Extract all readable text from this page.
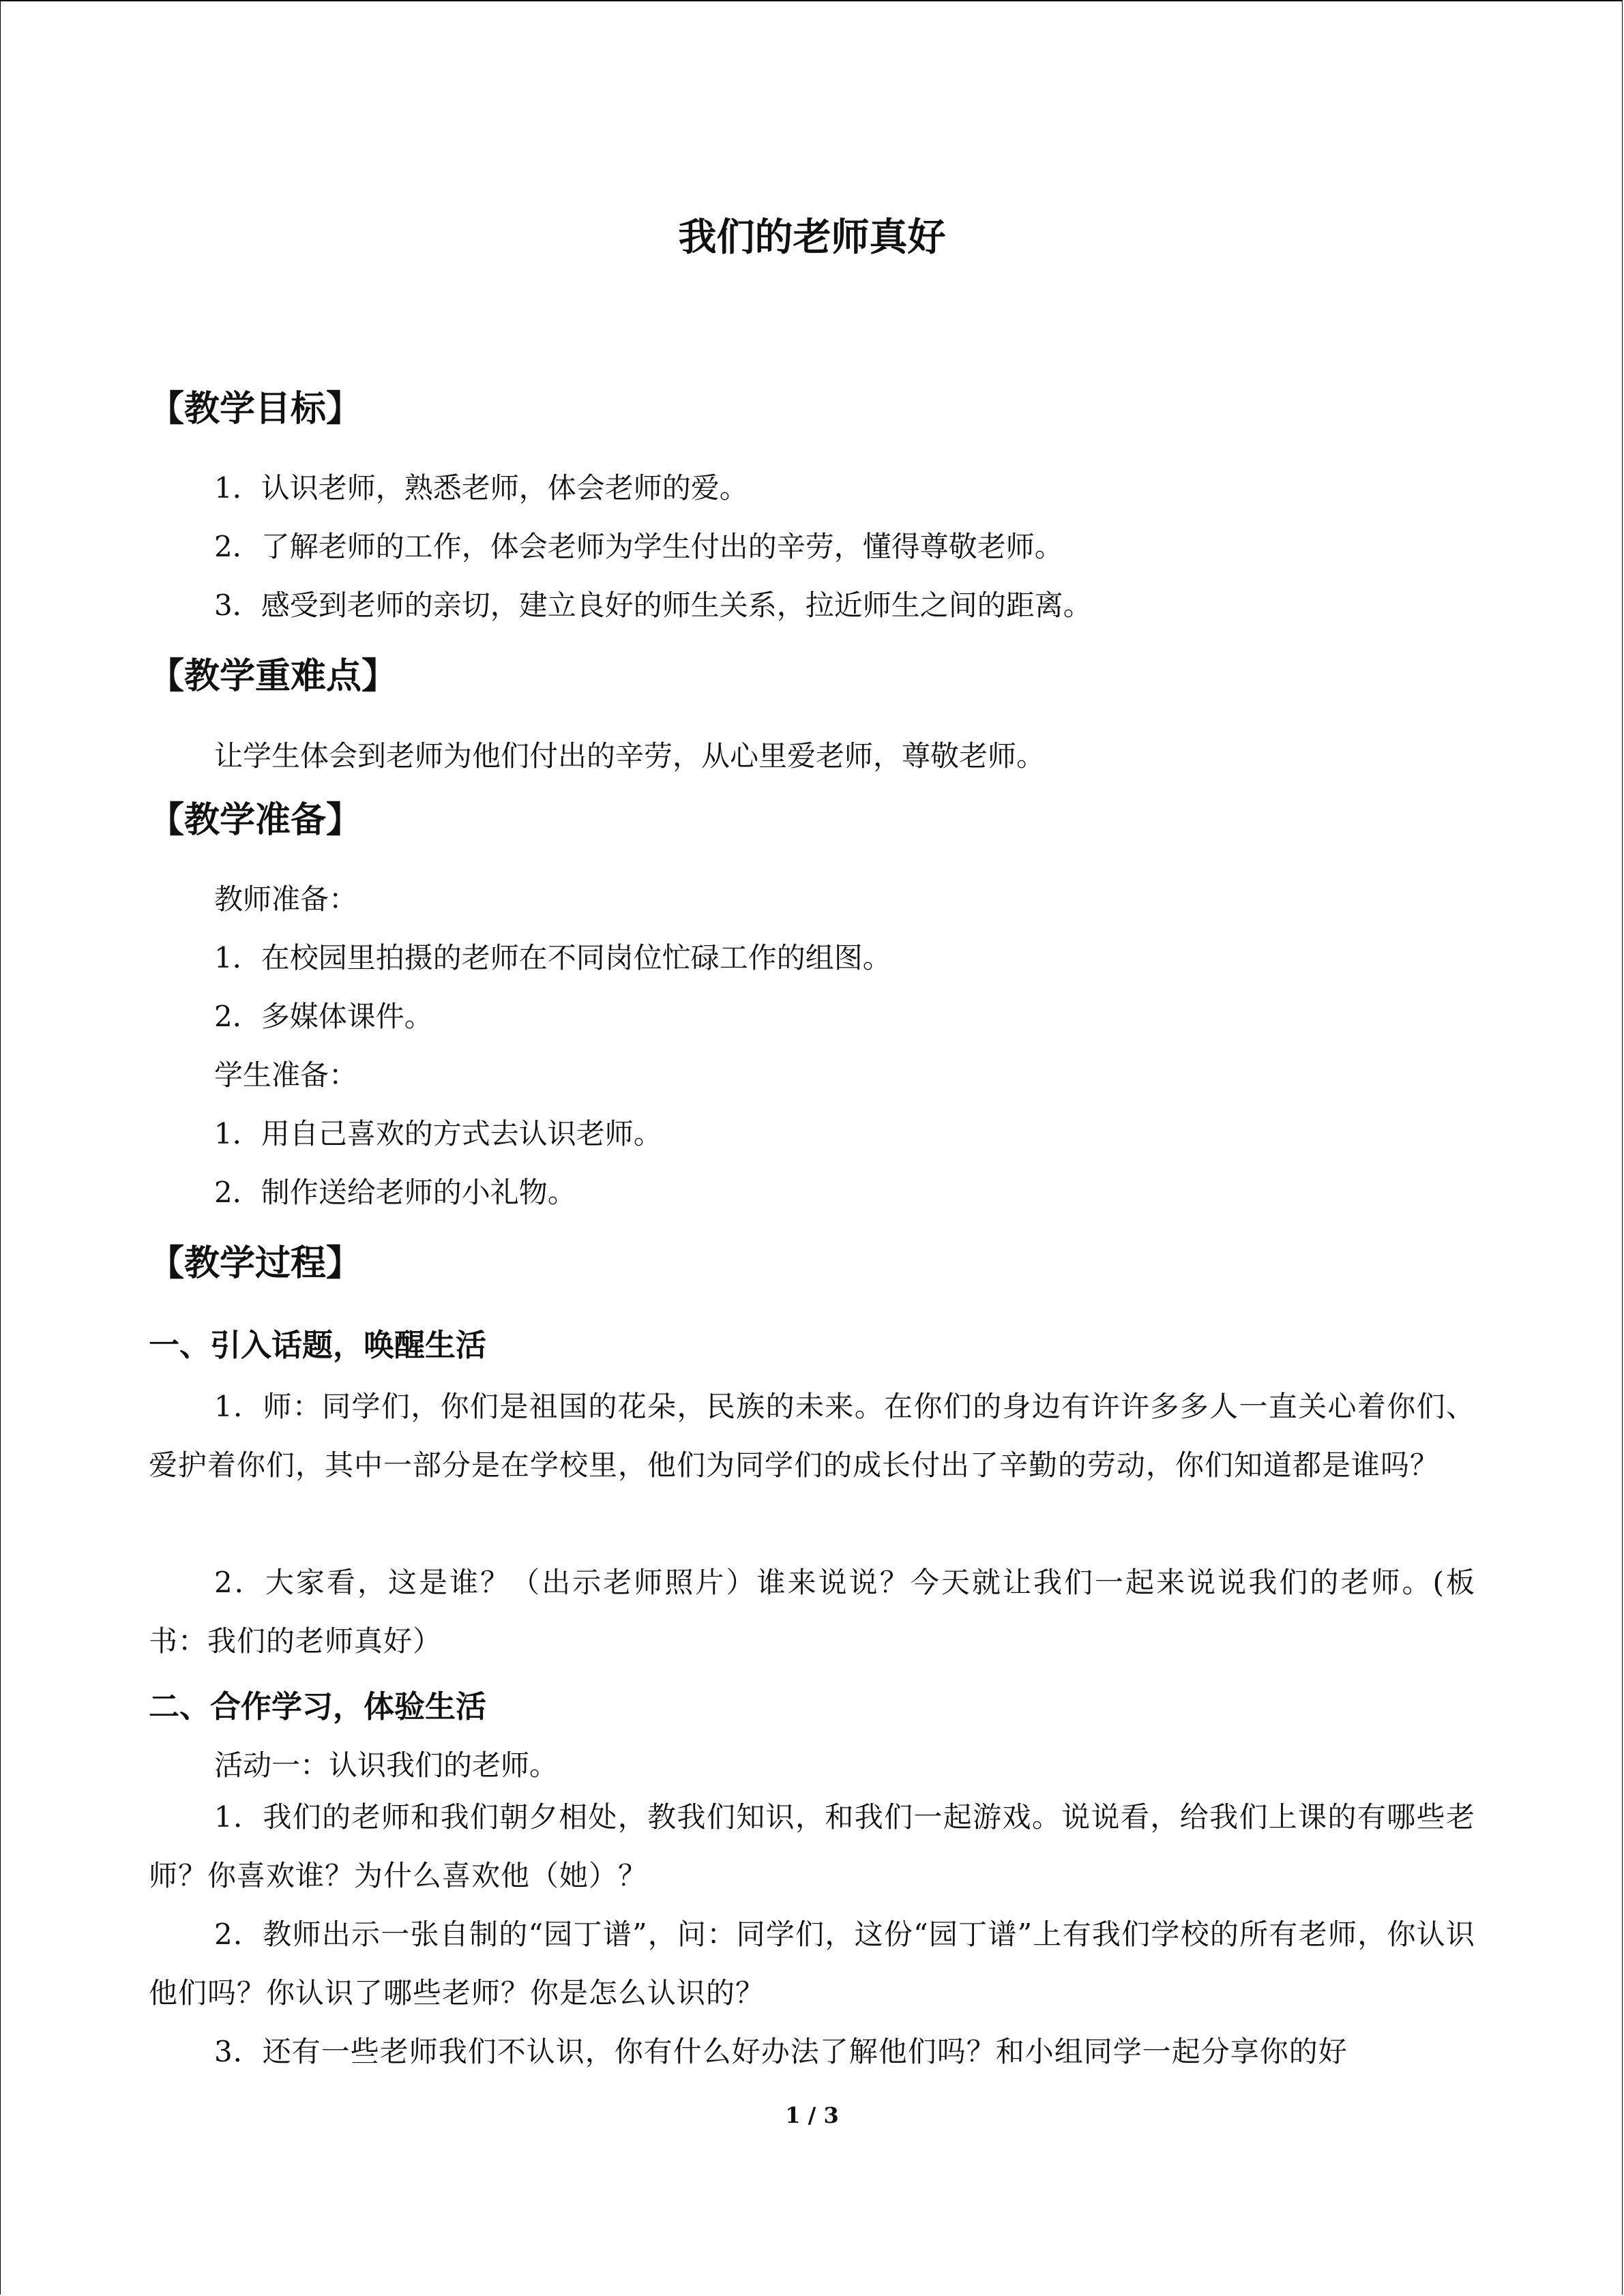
我们的老师真好
【教学目标】

1．认识老师，熟悉老师，体会老师的爱。

2．了解老师的工作，体会老师为学生付出的辛劳，懂得尊敬老师。

3．感受到老师的亲切，建立良好的师生关系，拉近师生之间的距离。

【教学重难点】

让学生体会到老师为他们付出的辛劳，从心里爱老师，尊敬老师。

【教学准备】

教师准备：

1．在校园里拍摄的老师在不同岗位忙碌工作的组图。

2．多媒体课件。

学生准备：

1．用自己喜欢的方式去认识老师。

2．制作送给老师的小礼物。

【教学过程】
一、引入话题，唤醒生活

1．师：同学们，你们是祖国的花朵，民族的未来。在你们的身边有许许多多人一直关心着你们、爱护着你们，其中一部分是在学校里，他们为同学们的成长付出了辛勤的劳动，你们知道都是谁吗？

2．大家看，这是谁？（出示老师照片）谁来说说？今天就让我们一起来说说我们的老师。(板书：我们的老师真好）

二、合作学习，体验生活

活动一：认识我们的老师。

1．我们的老师和我们朝夕相处，教我们知识，和我们一起游戏。说说看，给我们上课的有哪些老师？你喜欢谁？为什么喜欢他（她）？

2．教师出示一张自制的“园丁谱”，问：同学们，这份“园丁谱”上有我们学校的所有老师，你认识他们吗？你认识了哪些老师？你是怎么认识的？

3．还有一些老师我们不认识，你有什么好办法了解他们吗？和小组同学一起分享你的好

1 / 3
